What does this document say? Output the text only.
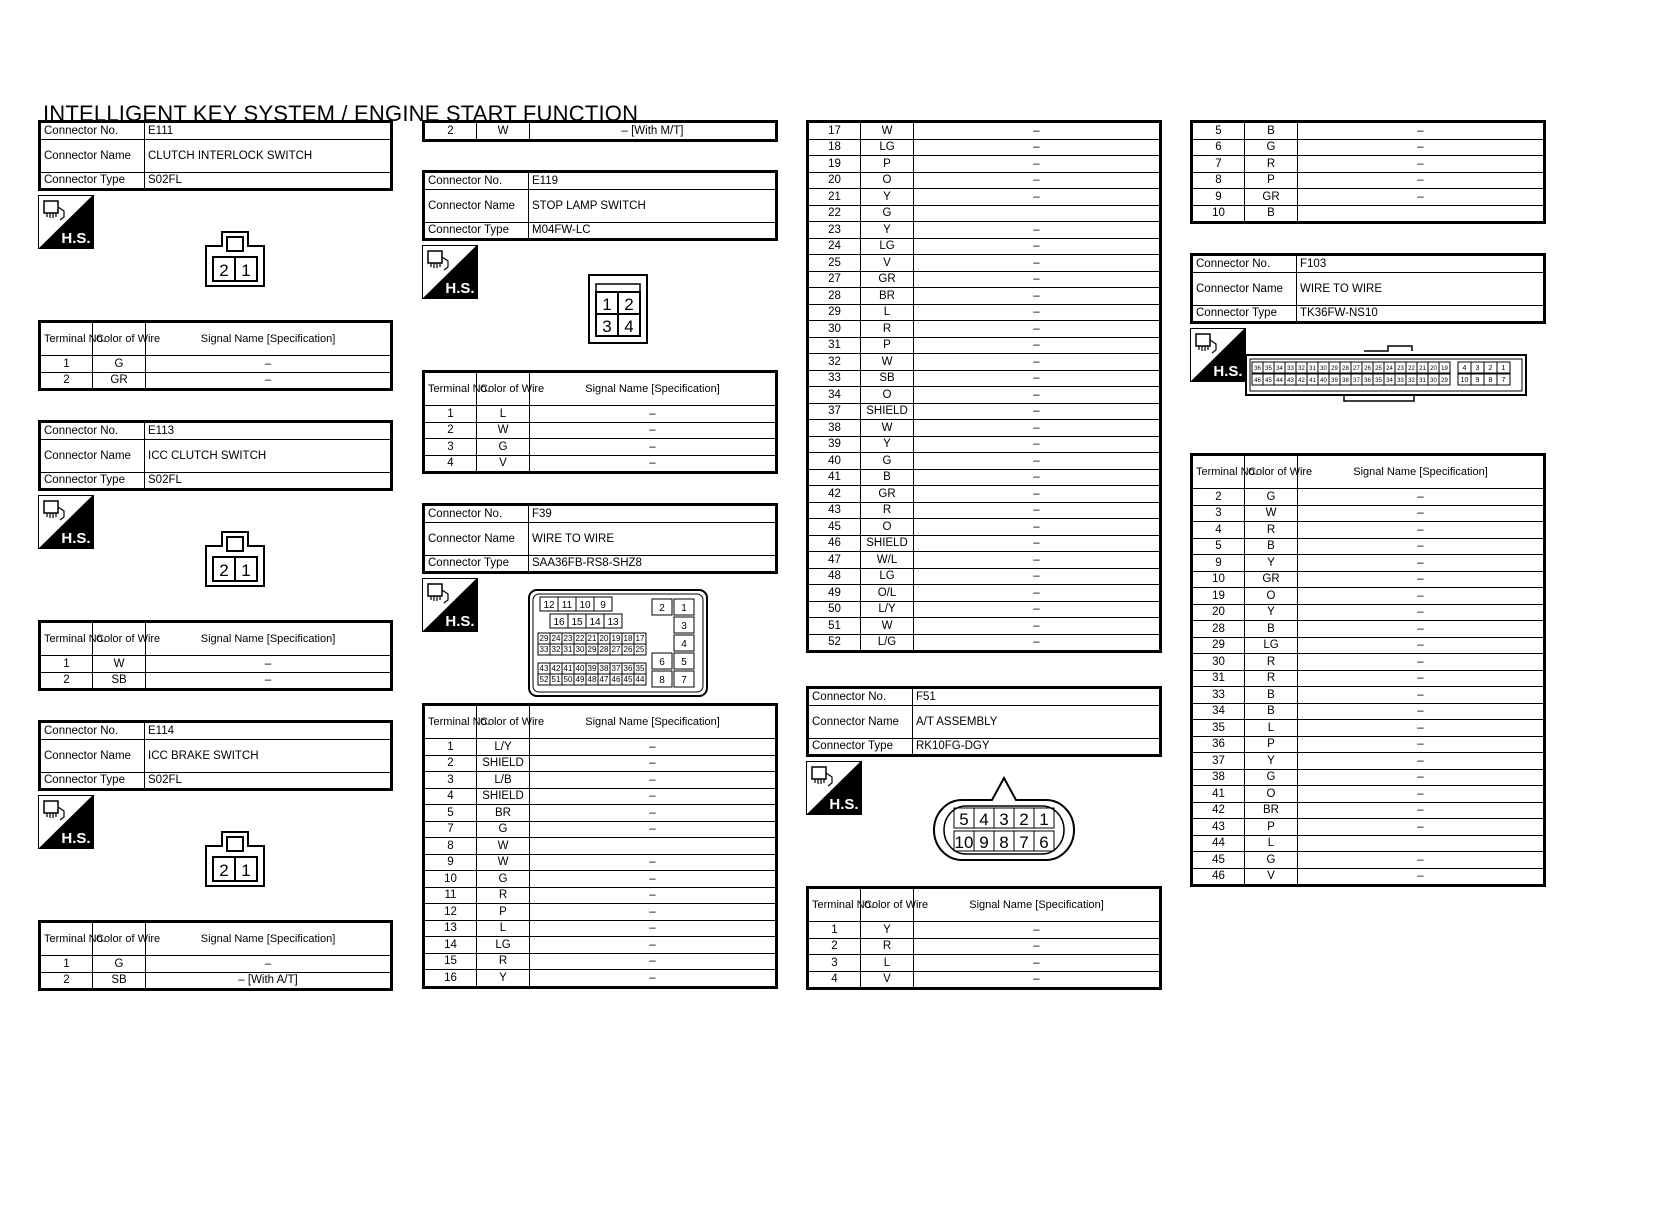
INTELLIGENT KEY SYSTEM / ENGINE START FUNCTION
Connector No.	E111
Connector Name	CLUTCH INTERLOCK SWITCH
Connector Type	S02FL
H.S.
2 1
Terminal No.	Color of Wire	Signal Name [Specification]
1	G	–
2	GR	–
Connector No.	E113
Connector Name	ICC CLUTCH SWITCH
Connector Type	S02FL
H.S.
2 1
Terminal No.	Color of Wire	Signal Name [Specification]
1	W	–
2	SB	–
Connector No.	E114
Connector Name	ICC BRAKE SWITCH
Connector Type	S02FL
H.S.
2 1
Terminal No.	Color of Wire	Signal Name [Specification]
1	G	–
2	SB	– [With A/T]
2	W	– [With M/T]
Connector No.	E119
Connector Name	STOP LAMP SWITCH
Connector Type	M04FW-LC
H.S.
1 2
3 4
Terminal No.	Color of Wire	Signal Name [Specification]
1	L	–
2	W	–
3	G	–
4	V	–
Connector No.	F39
Connector Name	WIRE TO WIRE
Connector Type	SAA36FB-RS8-SHZ8
H.S.
12 11 10 9
16 15 14 13
29 24 23 22 21 20 19 18 17
33 32 31 30 29 28 27 26 25
43 42 41 40 39 38 37 36 35
52 51 50 49 48 47 46 45 44
2 1
3
4
6 5
8 7
Terminal No.	Color of Wire	Signal Name [Specification]
1	L/Y	–
2	SHIELD	–
3	L/B	–
4	SHIELD	–
5	BR	–
7	G	–
8	W	
9	W	–
10	G	–
11	R	–
12	P	–
13	L	–
14	LG	–
15	R	–
16	Y	–
17	W	–
18	LG	–
19	P	–
20	O	–
21	Y	–
22	G	
23	Y	–
24	LG	–
25	V	–
27	GR	–
28	BR	–
29	L	–
30	R	–
31	P	–
32	W	–
33	SB	–
34	O	–
37	SHIELD	–
38	W	–
39	Y	–
40	G	–
41	B	–
42	GR	–
43	R	–
45	O	–
46	SHIELD	–
47	W/L	–
48	LG	–
49	O/L	–
50	L/Y	–
51	W	–
52	L/G	–
Connector No.	F51
Connector Name	A/T ASSEMBLY
Connector Type	RK10FG-DGY
H.S.
5 4 3 2 1
10 9 8 7 6
Terminal No.	Color of Wire	Signal Name [Specification]
1	Y	–
2	R	–
3	L	–
4	V	–
5	B	–
6	G	–
7	R	–
8	P	–
9	GR	–
10	B	
Connector No.	F103
Connector Name	WIRE TO WIRE
Connector Type	TK36FW-NS10
H.S. 36 35 34 33 32 31 30 29 28 27 26 25 24 23 22 21 20 19
46 45 44 43 42 41 40 39 38 37 36 35 34 33 32 31 30 29
4 3 2 1
10 9 8 7
Terminal No.	Color of Wire	Signal Name [Specification]
2	G	–
3	W	–
4	R	–
5	B	–
9	Y	–
10	GR	–
19	O	–
20	Y	–
28	B	–
29	LG	–
30	R	–
31	R	–
33	B	–
34	B	–
35	L	–
36	P	–
37	Y	–
38	G	–
41	O	–
42	BR	–
43	P	–
44	L	
45	G	–
46	V	–
